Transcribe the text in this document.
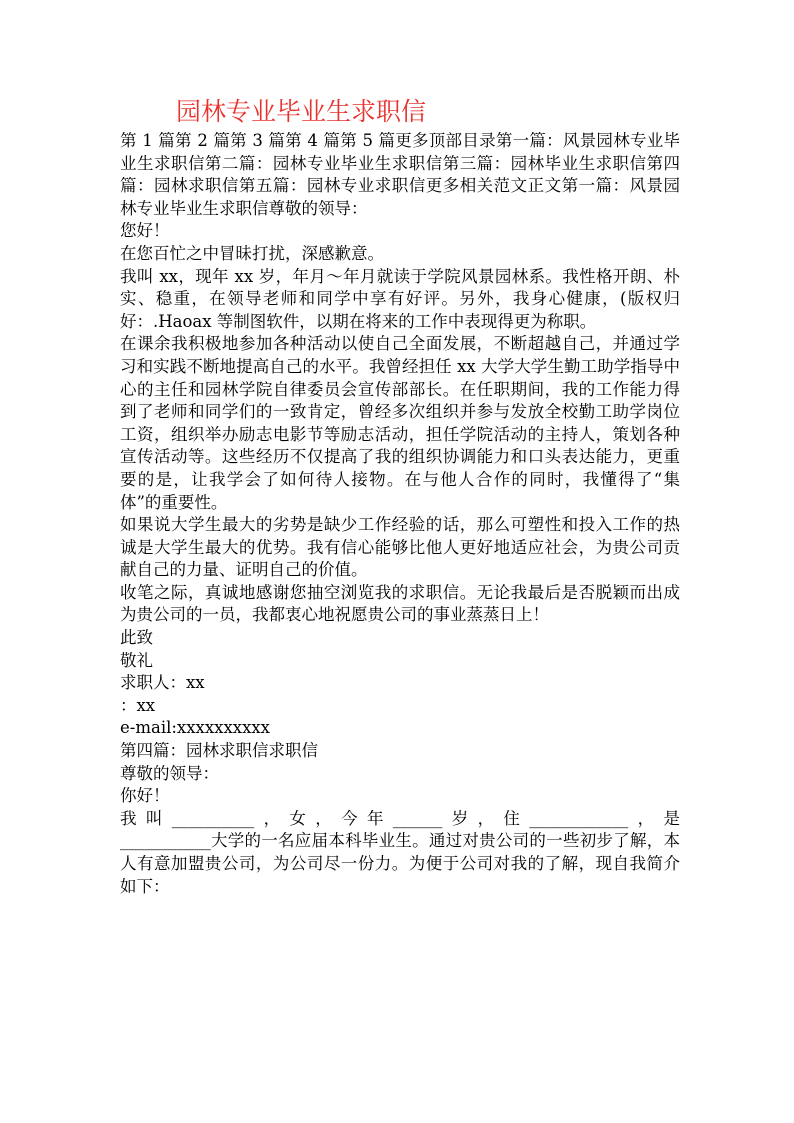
园林专业毕业生求职信

第 1 篇第 2 篇第 3 篇第 4 篇第 5 篇更多顶部目录第一篇：风景园林专业毕业生求职信第二篇：园林专业毕业生求职信第三篇：园林毕业生求职信第四篇：园林求职信第五篇：园林专业求职信更多相关范文正文第一篇：风景园林专业毕业生求职信尊敬的领导：

您好！

在您百忙之中冒昧打扰，深感歉意。

我叫 xx，现年 xx 岁，年月～年月就读于学院风景园林系。我性格开朗、朴实、稳重，在领导老师和同学中享有好评。另外，我身心健康，(版权归好：.Haoax 等制图软件，以期在将来的工作中表现得更为称职。

在课余我积极地参加各种活动以使自己全面发展，不断超越自己，并通过学习和实践不断地提高自己的水平。我曾经担任 xx 大学大学生勤工助学指导中心的主任和园林学院自律委员会宣传部部长。在任职期间，我的工作能力得到了老师和同学们的一致肯定，曾经多次组织并参与发放全校勤工助学岗位工资，组织举办励志电影节等励志活动，担任学院活动的主持人，策划各种宣传活动等。这些经历不仅提高了我的组织协调能力和口头表达能力，更重要的是，让我学会了如何待人接物。在与他人合作的同时，我懂得了“集体”的重要性。

如果说大学生最大的劣势是缺少工作经验的话，那么可塑性和投入工作的热诚是大学生最大的优势。我有信心能够比他人更好地适应社会，为贵公司贡献自己的力量、证明自己的价值。

收笔之际，真诚地感谢您抽空浏览我的求职信。无论我最后是否脱颖而出成为贵公司的一员，我都衷心地祝愿贵公司的事业蒸蒸日上！

此致

敬礼

求职人：xx

：xx

e-mail:xxxxxxxxxx

第四篇：园林求职信求职信

尊敬的领导：

你好！

我叫__________，女，今年______岁，住____________，是

___________大学的一名应届本科毕业生。通过对贵公司的一些初步了解，本人有意加盟贵公司，为公司尽一份力。为便于公司对我的了解，现自我简介如下：
